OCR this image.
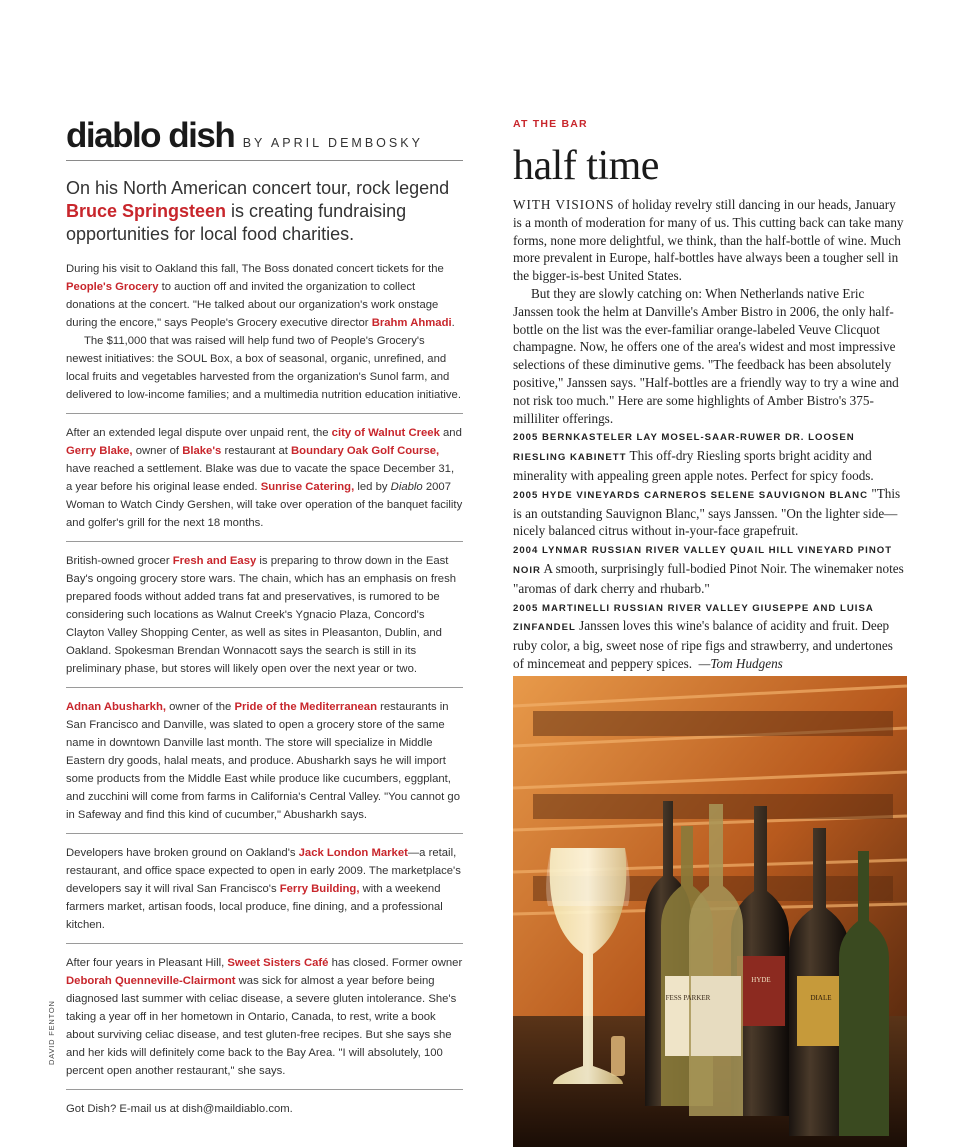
diablo dish BY APRIL DEMBOSKY
On his North American concert tour, rock legend Bruce Springsteen is creating fundraising opportunities for local food charities.

During his visit to Oakland this fall, The Boss donated concert tickets for the People's Grocery to auction off and invited the organization to collect donations at the concert. "He talked about our organization's work onstage during the encore," says People's Grocery executive director Brahm Ahmadi.

The $11,000 that was raised will help fund two of People's Grocery's newest initiatives: the SOUL Box, a box of seasonal, organic, unrefined, and local fruits and vegetables harvested from the organization's Sunol farm, and delivered to low-income families; and a multimedia nutrition education initiative.

After an extended legal dispute over unpaid rent, the city of Walnut Creek and Gerry Blake, owner of Blake's restaurant at Boundary Oak Golf Course, have reached a settlement. Blake was due to vacate the space December 31, a year before his original lease ended. Sunrise Catering, led by Diablo 2007 Woman to Watch Cindy Gershen, will take over operation of the banquet facility and golfer's grill for the next 18 months.

British-owned grocer Fresh and Easy is preparing to throw down in the East Bay's ongoing grocery store wars. The chain, which has an emphasis on fresh prepared foods without added trans fat and preservatives, is rumored to be considering such locations as Walnut Creek's Ygnacio Plaza, Concord's Clayton Valley Shopping Center, as well as sites in Pleasanton, Dublin, and Oakland. Spokesman Brendan Wonnacott says the search is still in its preliminary phase, but stores will likely open over the next year or two.

Adnan Abusharkh, owner of the Pride of the Mediterranean restaurants in San Francisco and Danville, was slated to open a grocery store of the same name in downtown Danville last month. The store will specialize in Middle Eastern dry goods, halal meats, and produce. Abusharkh says he will import some products from the Middle East while produce like cucumbers, eggplant, and zucchini will come from farms in California's Central Valley. "You cannot go in Safeway and find this kind of cucumber," Abusharkh says.

Developers have broken ground on Oakland's Jack London Market—a retail, restaurant, and office space expected to open in early 2009. The marketplace's developers say it will rival San Francisco's Ferry Building, with a weekend farmers market, artisan foods, local produce, fine dining, and a professional kitchen.

After four years in Pleasant Hill, Sweet Sisters Café has closed. Former owner Deborah Quenneville-Clairmont was sick for almost a year before being diagnosed last summer with celiac disease, a severe gluten intolerance. She's taking a year off in her hometown in Ontario, Canada, to rest, write a book about surviving celiac disease, and test gluten-free recipes. But she says she and her kids will definitely come back to the Bay Area. "I will absolutely, 100 percent open another restaurant," she says.

Got Dish? E-mail us at dish@maildiablo.com.
DAVID FENTON
AT THE BAR
half time

WITH VISIONS of holiday revelry still dancing in our heads, January is a month of moderation for many of us. This cutting back can take many forms, none more delightful, we think, than the half-bottle of wine. Much more prevalent in Europe, half-bottles have always been a tougher sell in the bigger-is-best United States.

But they are slowly catching on: When Netherlands native Eric Janssen took the helm at Danville's Amber Bistro in 2006, the only half-bottle on the list was the ever-familiar orange-labeled Veuve Clicquot champagne. Now, he offers one of the area's widest and most impressive selections of these diminutive gems. "The feedback has been absolutely positive," Janssen says. "Half-bottles are a friendly way to try a wine and not risk too much." Here are some highlights of Amber Bistro's 375-milliliter offerings.

2005 BERNKASTELER LAY MOSEL-SAAR-RUWER DR. LOOSEN RIESLING KABINETT This off-dry Riesling sports bright acidity and minerality with appealing green apple notes. Perfect for spicy foods.

2005 HYDE VINEYARDS CARNEROS SELENE SAUVIGNON BLANC "This is an outstanding Sauvignon Blanc," says Janssen. "On the lighter side—nicely balanced citrus without in-your-face grapefruit.

2004 LYNMAR RUSSIAN RIVER VALLEY QUAIL HILL VINEYARD PINOT NOIR A smooth, surprisingly full-bodied Pinot Noir. The winemaker notes "aromas of dark cherry and rhubarb."

2005 MARTINELLI RUSSIAN RIVER VALLEY GIUSEPPE AND LUISA ZINFANDEL Janssen loves this wine's balance of acidity and fruit. Deep ruby color, a big, sweet nose of ripe figs and strawberry, and undertones of mincemeat and peppery spices. —Tom Hudgens

FESS PARKER
HYDE
DIALE
